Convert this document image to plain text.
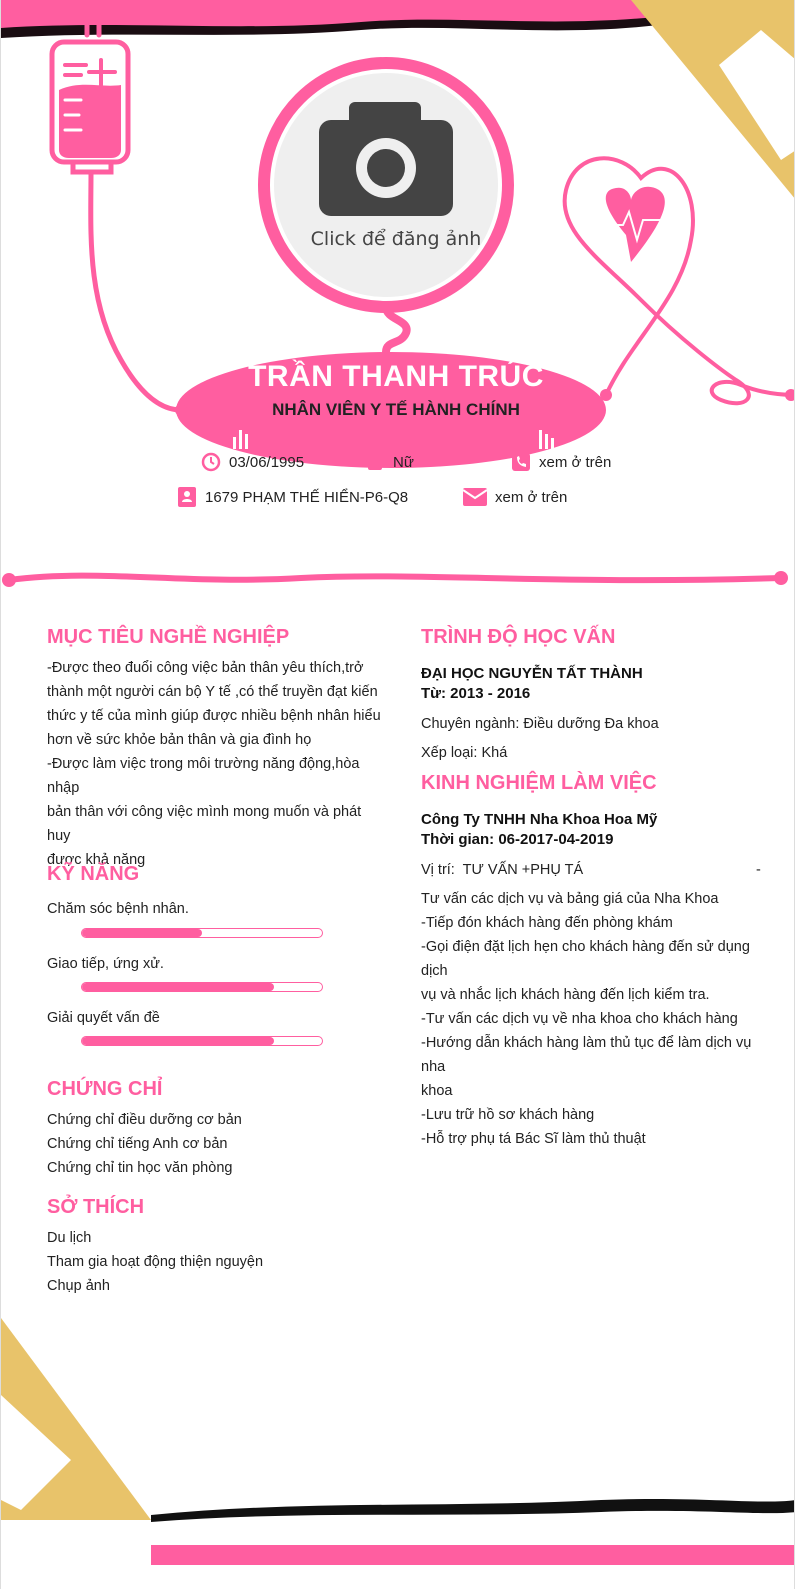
Click để đăng ảnh
TRẦN THANH TRÚC
NHÂN VIÊN Y TẾ HÀNH CHÍNH
03/06/1995	Nữ	xem ở trên
1679 PHẠM THẾ HIỂN-P6-Q8	xem ở trên
MỤC TIÊU NGHỀ NGHIỆP

-Được theo đuổi công việc bản thân yêu thích,trở

thành một người cán bộ Y tế ,có thể truyền đạt kiến

thức y tế của mình giúp được nhiều bệnh nhân hiểu

hơn về sức khỏe bản thân và gia đình họ

-Được làm việc trong môi trường năng động,hòa nhập

bản thân với công việc mình mong muốn và phát huy

được khả năng

KỸ NĂNG
Chăm sóc bệnh nhân.
Giao tiếp, ứng xử.
Giải quyết vấn đề
CHỨNG CHỈ
Chứng chỉ điều dưỡng cơ bản
Chứng chỉ tiếng Anh cơ bản
Chứng chỉ tin học văn phòng
SỞ THÍCH
Du lịch
Tham gia hoạt động thiện nguyện
Chụp ảnh
TRÌNH ĐỘ HỌC VẤN
ĐẠI HỌC NGUYỄN TẤT THÀNH
Từ: 2013 - 2016
Chuyên ngành: Điều dưỡng Đa khoa
Xếp loại: Khá
KINH NGHIỆM LÀM VIỆC
Công Ty TNHH Nha Khoa Hoa Mỹ
Thời gian: 06-2017-04-2019
Vị trí:  TƯ VẤN +PHỤ TÁ	-

Tư vấn các dịch vụ và bảng giá của Nha Khoa

-Tiếp đón khách hàng đến phòng khám

-Gọi điện đặt lịch hẹn cho khách hàng đến sử dụng dịch

vụ và nhắc lịch khách hàng đến lịch kiểm tra.

-Tư vấn các dịch vụ về nha khoa cho khách hàng

-Hướng dẫn khách hàng làm thủ tục để làm dịch vụ nha

khoa

-Lưu trữ hồ sơ khách hàng

-Hỗ trợ phụ tá Bác Sĩ làm thủ thuật
